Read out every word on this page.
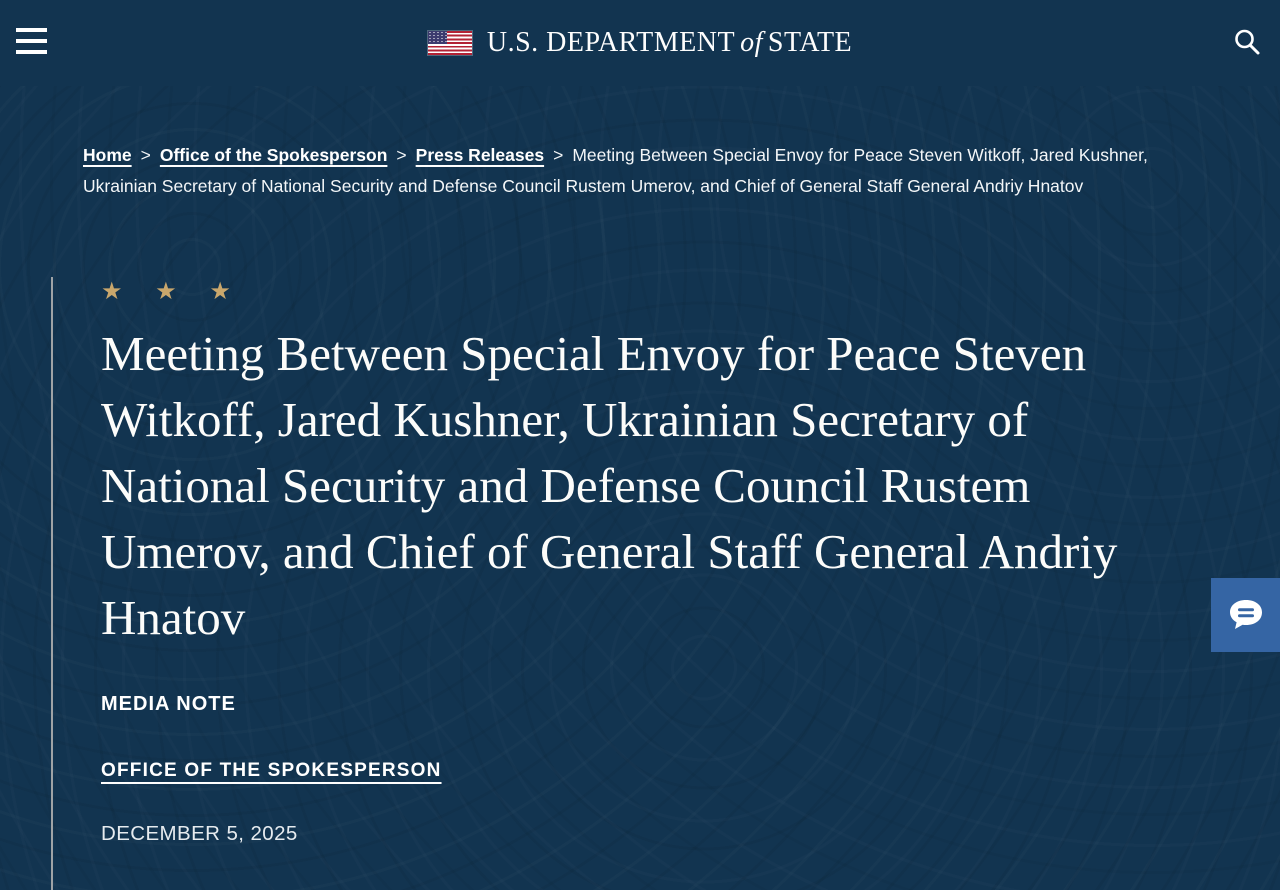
U.S. DEPARTMENT of STATE
Home > Office of the Spokesperson > Press Releases > Meeting Between Special Envoy for Peace Steven Witkoff, Jared Kushner, Ukrainian Secretary of National Security and Defense Council Rustem Umerov, and Chief of General Staff General Andriy Hnatov
★ ★ ★
Meeting Between Special Envoy for Peace Steven Witkoff, Jared Kushner, Ukrainian Secretary of National Security and Defense Council Rustem Umerov, and Chief of General Staff General Andriy Hnatov
MEDIA NOTE
OFFICE OF THE SPOKESPERSON
DECEMBER 5, 2025
